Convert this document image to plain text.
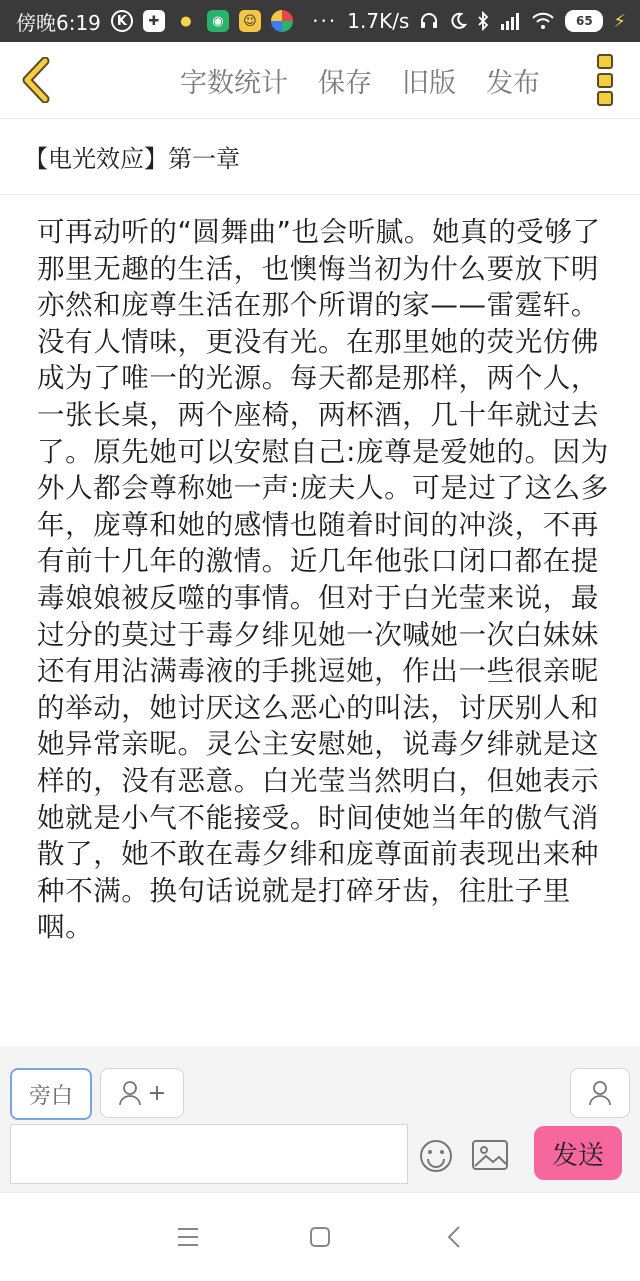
傍晚6:19	K	✚	●	◉	☺	··· 1.7K/s	65	⚡
字数统计 保存 旧版 发布
【电光效应】第一章
可再动听的“圆舞曲”也会听腻。她真的受够了那里无趣的生活，也懊悔当初为什么要放下明亦然和庞尊生活在那个所谓的家——雷霆轩。没有人情味，更没有光。在那里她的荧光仿佛成为了唯一的光源。每天都是那样，两个人，一张长桌，两个座椅，两杯酒，几十年就过去了。原先她可以安慰自己:庞尊是爱她的。因为外人都会尊称她一声:庞夫人。可是过了这么多年，庞尊和她的感情也随着时间的冲淡，不再有前十几年的激情。近几年他张口闭口都在提毒娘娘被反噬的事情。但对于白光莹来说，最过分的莫过于毒夕绯见她一次喊她一次白妹妹还有用沾满毒液的手挑逗她，作出一些很亲昵的举动，她讨厌这么恶心的叫法，讨厌别人和她异常亲昵。灵公主安慰她，说毒夕绯就是这样的，没有恶意。白光莹当然明白，但她表示她就是小气不能接受。时间使她当年的傲气消散了，她不敢在毒夕绯和庞尊面前表现出来种种不满。换句话说就是打碎牙齿，往肚子里咽。
旁白	+
发送
